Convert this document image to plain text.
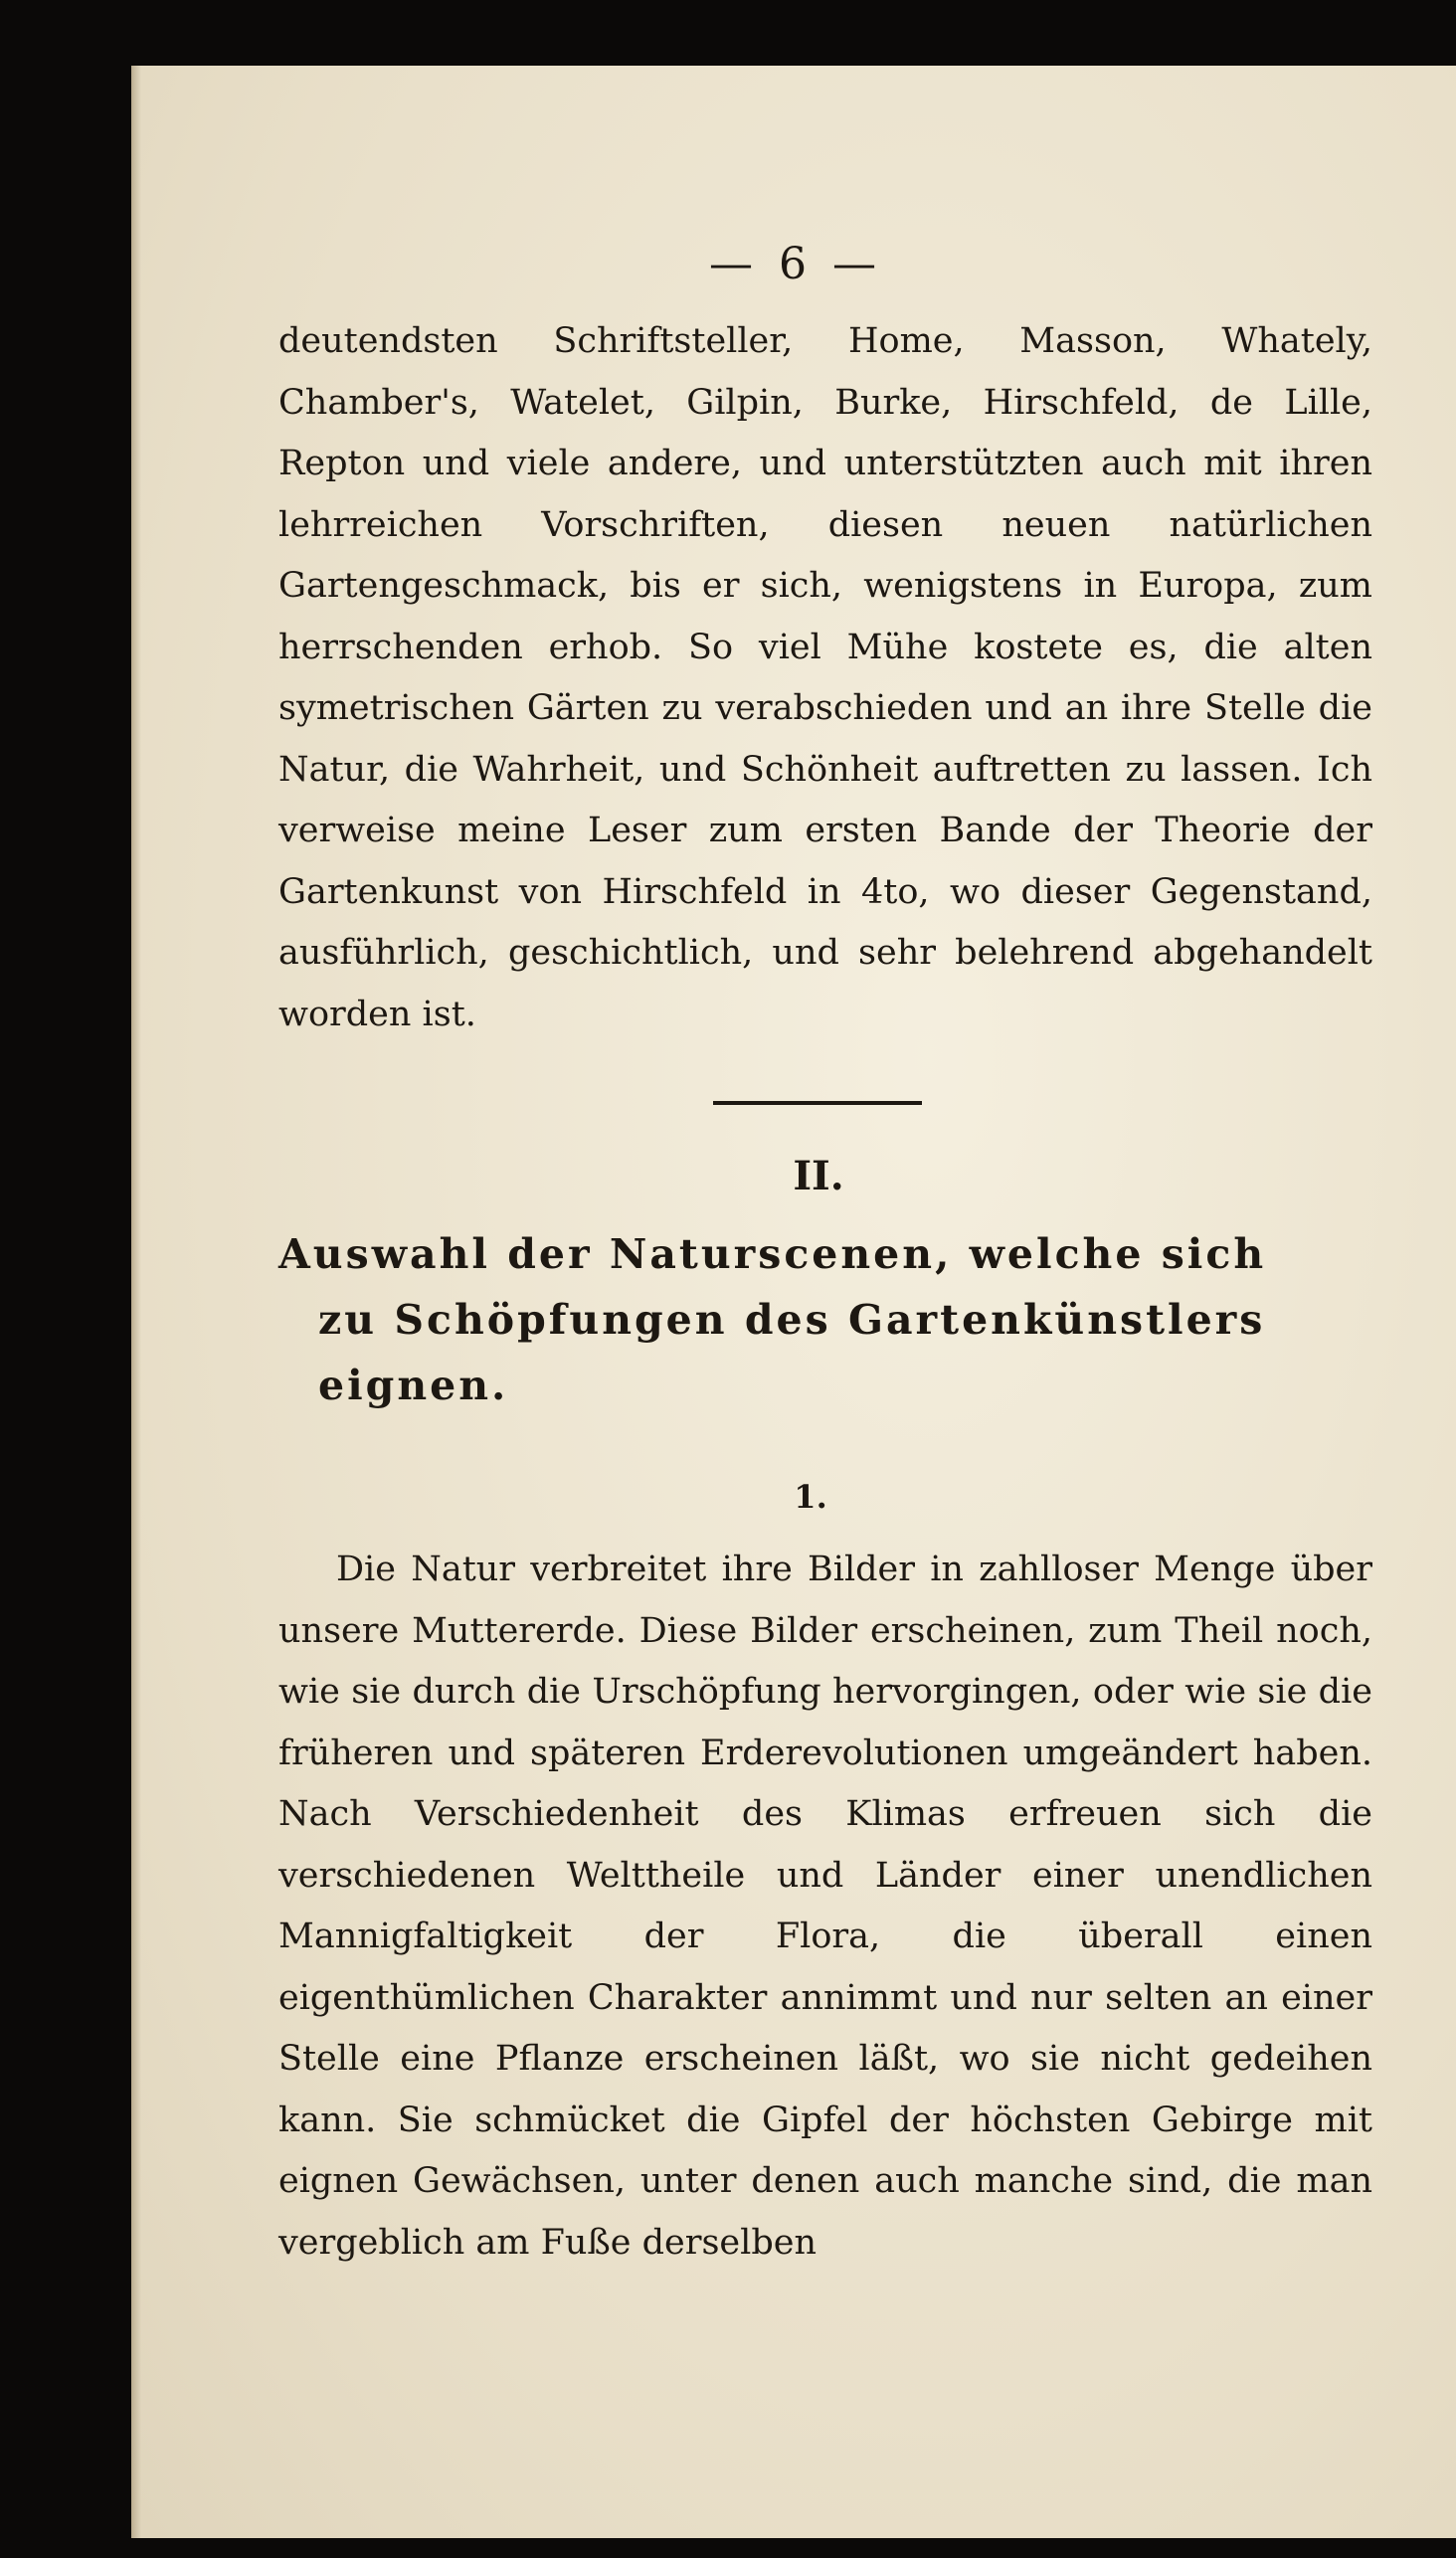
— 6 —

deutendsten Schriftsteller, Home, Masson, Whately, Chamber's, Watelet, Gilpin, Burke, Hirschfeld, de Lille, Repton und viele andere, und unterstützten auch mit ihren lehrreichen Vorschriften, diesen neuen natürlichen Gartengeschmack, bis er sich, wenigstens in Europa, zum herrschenden erhob. So viel Mühe kostete es, die alten symetrischen Gärten zu verabschieden und an ihre Stelle die Natur, die Wahrheit, und Schönheit auftretten zu lassen. Ich verweise meine Leser zum ersten Bande der Theorie der Gartenkunst von Hirschfeld in 4to, wo dieser Gegenstand, ausführlich, geschichtlich, und sehr belehrend abgehandelt worden ist.

II.
Auswahl der Naturscenen, welche sich
zu Schöpfungen des Gartenkünstlers eignen.
1.

Die Natur verbreitet ihre Bilder in zahlloser Menge über unsere Muttererde. Diese Bilder erscheinen, zum Theil noch, wie sie durch die Urschöpfung hervorgingen, oder wie sie die früheren und späteren Erderevolutionen umgeändert haben. Nach Verschiedenheit des Klimas erfreuen sich die verschiedenen Welttheile und Länder einer unendlichen Mannigfaltigkeit der Flora, die überall einen eigenthümlichen Charakter annimmt und nur selten an einer Stelle eine Pflanze erscheinen läßt, wo sie nicht gedeihen kann. Sie schmücket die Gipfel der höchsten Gebirge mit eignen Gewächsen, unter denen auch manche sind, die man vergeblich am Fuße derselben
